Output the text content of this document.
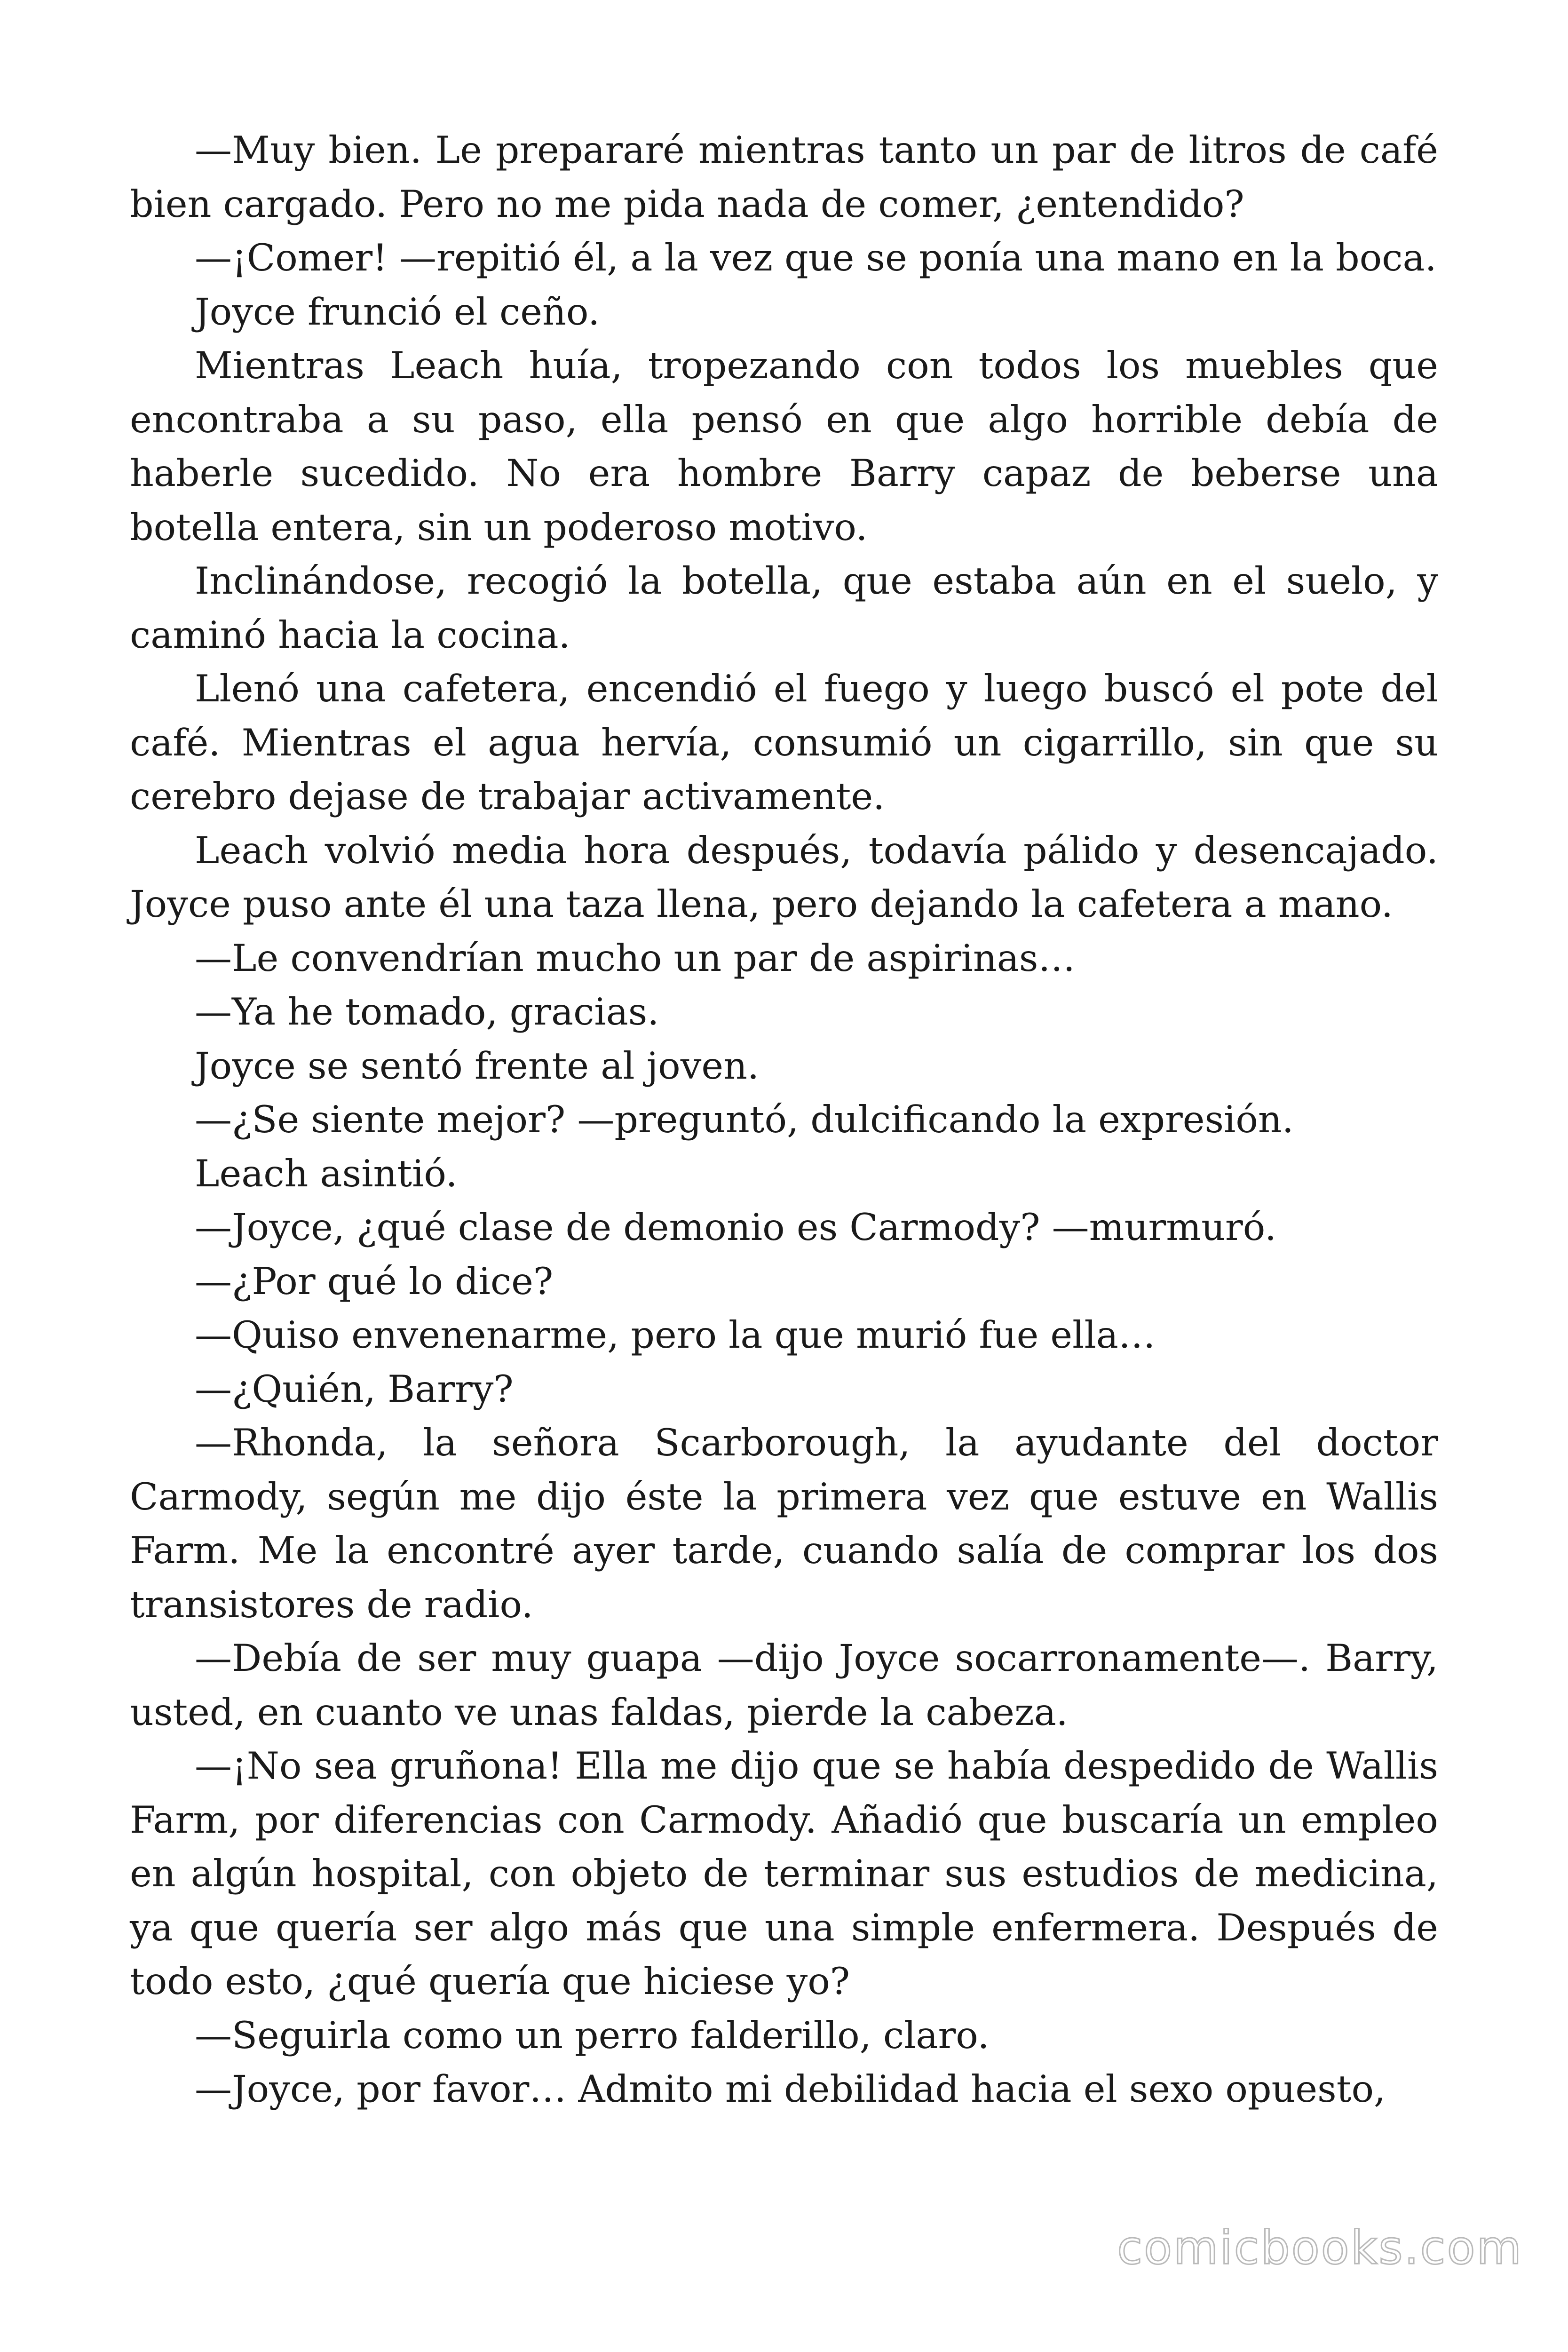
—Muy bien. Le prepararé mientras tanto un par de litros de café bien cargado. Pero no me pida nada de comer, ¿entendido?

—¡Comer! —repitió él, a la vez que se ponía una mano en la boca.

Joyce frunció el ceño.

Mientras Leach huía, tropezando con todos los muebles que encontraba a su paso, ella pensó en que algo horrible debía de haberle sucedido. No era hombre Barry capaz de beberse una botella entera, sin un poderoso motivo.

Inclinándose, recogió la botella, que estaba aún en el suelo, y caminó hacia la cocina.

Llenó una cafetera, encendió el fuego y luego buscó el pote del café. Mientras el agua hervía, consumió un cigarrillo, sin que su cerebro dejase de trabajar activamente.

Leach volvió media hora después, todavía pálido y desencajado. Joyce puso ante él una taza llena, pero dejando la cafetera a mano.

—Le convendrían mucho un par de aspirinas…

—Ya he tomado, gracias.

Joyce se sentó frente al joven.

—¿Se siente mejor? —preguntó, dulcificando la expresión.

Leach asintió.

—Joyce, ¿qué clase de demonio es Carmody? —murmuró.

—¿Por qué lo dice?

—Quiso envenenarme, pero la que murió fue ella…

—¿Quién, Barry?

—Rhonda, la señora Scarborough, la ayudante del doctor Carmody, según me dijo éste la primera vez que estuve en Wallis Farm. Me la encontré ayer tarde, cuando salía de comprar los dos transistores de radio.

—Debía de ser muy guapa —dijo Joyce socarronamente—. Barry, usted, en cuanto ve unas faldas, pierde la cabeza.

—¡No sea gruñona! Ella me dijo que se había despedido de Wallis Farm, por diferencias con Carmody. Añadió que buscaría un empleo en algún hospital, con objeto de terminar sus estudios de medicina, ya que quería ser algo más que una simple enfermera. Después de todo esto, ¿qué quería que hiciese yo?

—Seguirla como un perro falderillo, claro.

—Joyce, por favor… Admito mi debilidad hacia el sexo opuesto,

comicbooks.com
